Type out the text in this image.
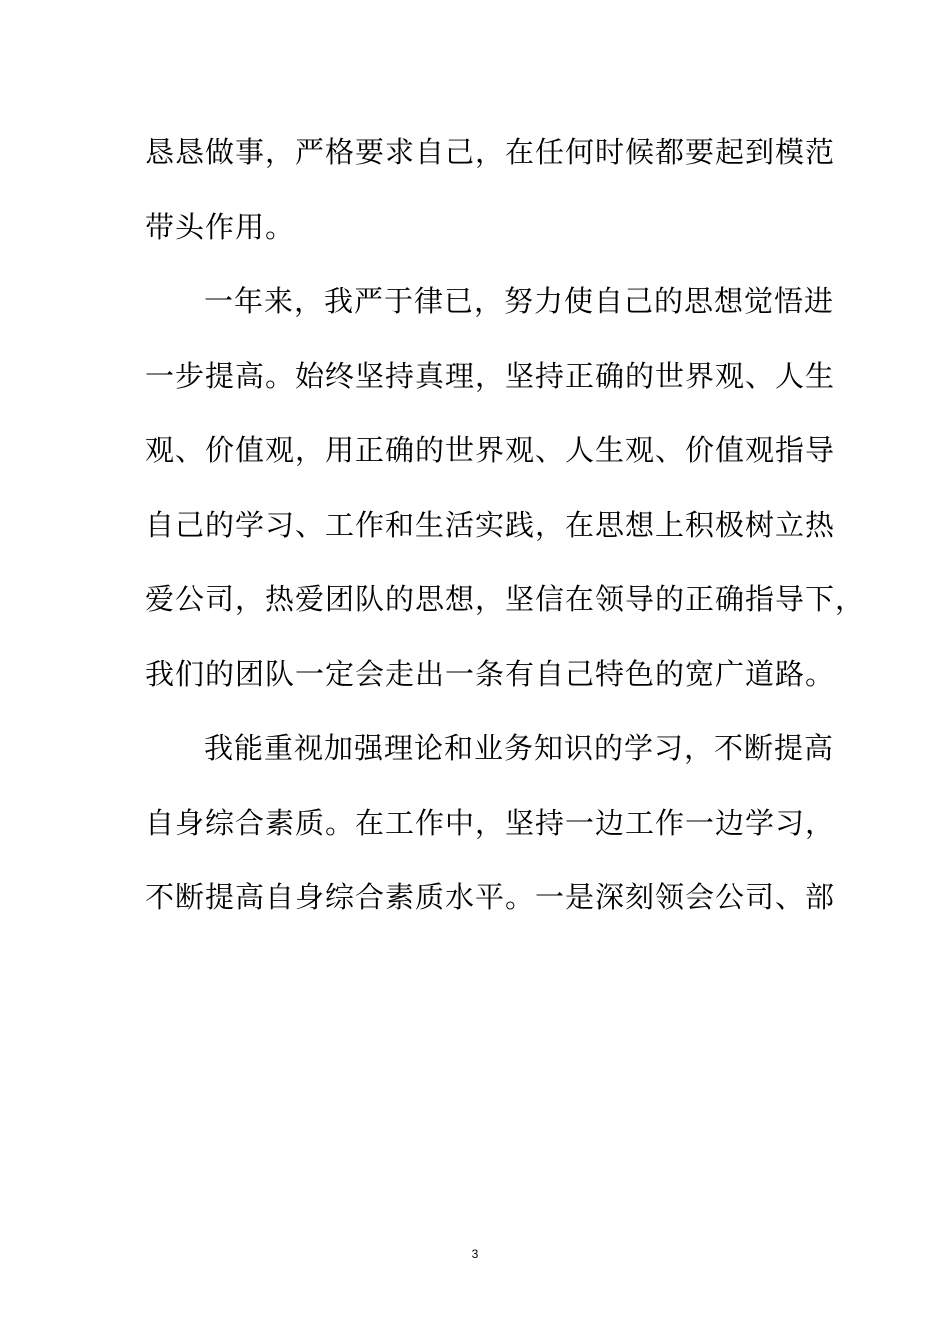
恳恳做事，严格要求自己，在任何时候都要起到模范

带头作用。

一年来，我严于律已，努力使自己的思想觉悟进

一步提高。始终坚持真理，坚持正确的世界观、人生

观、价值观，用正确的世界观、人生观、价值观指导

自己的学习、工作和生活实践，在思想上积极树立热

爱公司，热爱团队的思想，坚信在领导的正确指导下，

我们的团队一定会走出一条有自己特色的宽广道路。

我能重视加强理论和业务知识的学习，不断提高

自身综合素质。在工作中，坚持一边工作一边学习，

不断提高自身综合素质水平。一是深刻领会公司、部

3
